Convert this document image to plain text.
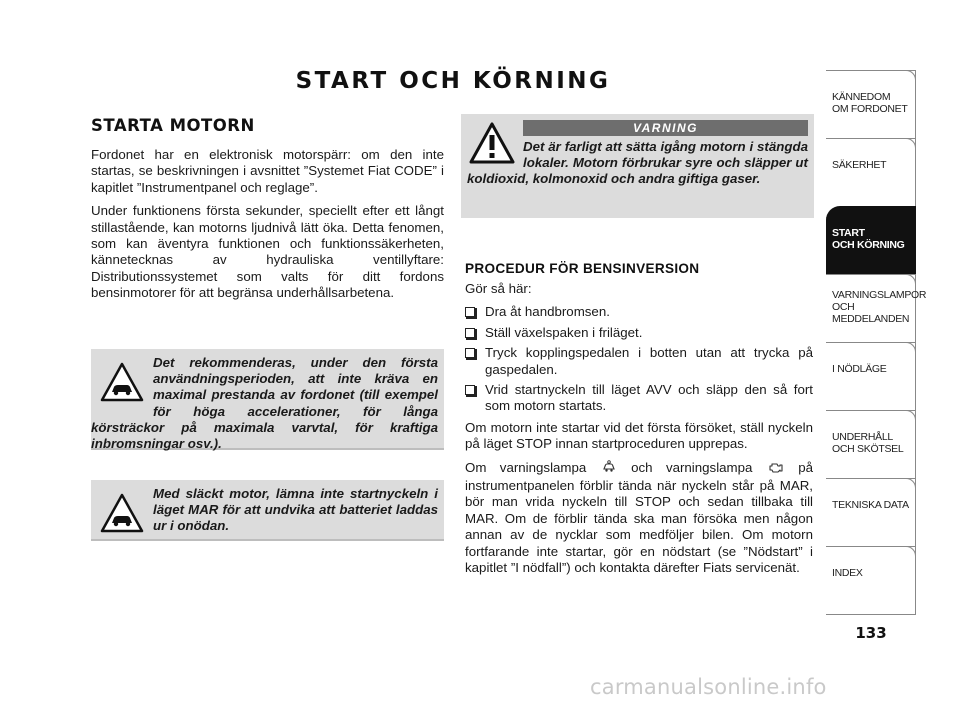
START OCH KÖRNING
STARTA MOTORN

Fordonet har en elektronisk motorspärr: om den inte startas, se beskrivningen i avsnittet ”Systemet Fiat CODE” i kapitlet ”Instrumentpanel och reglage”.

Under funktionens första sekunder, speciellt efter ett långt stillastående, kan motorns ljudnivå lätt öka. Detta fenomen, som kan äventyra funktionen och funktionssäkerheten, kännetecknas av hydrauliska ventillyftare: Distributionssystemet som valts för ditt fordons bensinmotorer för att begränsa underhållsarbetena.

Det rekommenderas, under den första användningsperioden, att inte kräva en maximal prestanda av fordonet (till exempel för höga accelerationer, för långa körsträckor på maximala varvtal, för kraftiga inbromsningar osv.).

Med släckt motor, lämna inte startnyckeln i läget MAR för att undvika att batteriet laddas ur i onödan.

VARNING

Det är farligt att sätta igång motorn i stängda lokaler. Motorn förbrukar syre och släpper ut koldioxid, kolmonoxid och andra giftiga gaser.

PROCEDUR FÖR BENSINVERSION

Gör så här:

Dra åt handbromsen.
Ställ växelspaken i friläget.
Tryck kopplingspedalen i botten utan att trycka på gaspedalen.
Vrid startnyckeln till läget AVV och släpp den så fort som motorn startats.

Om motorn inte startar vid det första försöket, ställ nyckeln på läget STOP innan startproceduren upprepas.

Om varningslampa	och varningslampa	på instrumentpanelen förblir tända när nyckeln står på MAR, bör man vrida nyckeln till STOP och sedan tillbaka till MAR. Om de förblir tända ska man försöka men någon annan av de nycklar som medföljer bilen. Om motorn fortfarande inte startar, gör en nödstart (se ”Nödstart” i kapitlet ”I nödfall”) och kontakta därefter Fiats servicenät.

KÄNNEDOM
OM FORDONET
SÄKERHET
START
OCH KÖRNING
VARNINGSLAMPOR
OCH
MEDDELANDEN
I NÖDLÄGE
UNDERHÅLL
OCH SKÖTSEL
TEKNISKA DATA
INDEX
133
carmanualsonline.info
